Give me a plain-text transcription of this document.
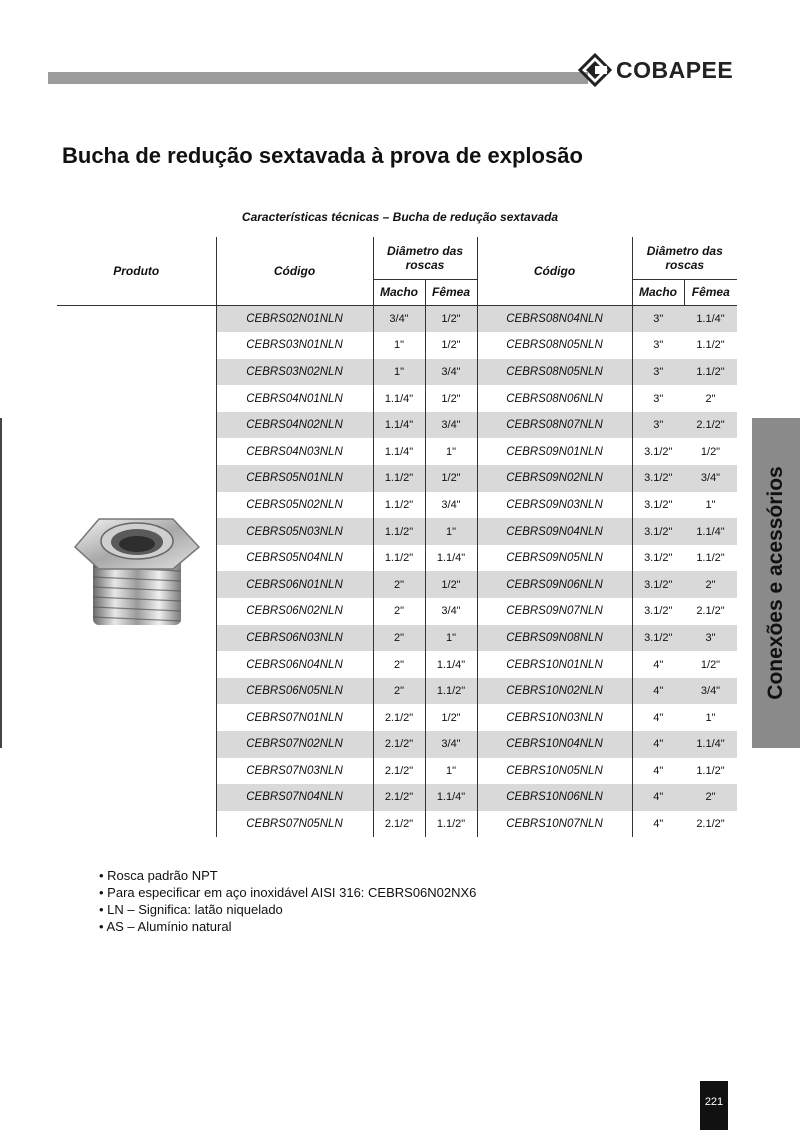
COBAPEE
Bucha de redução sextavada à prova de explosão
Características técnicas – Bucha de redução sextavada
Produto	Código	Diâmetro das roscas		Código	Diâmetro das roscas	
		Macho	Fêmea		Macho	Fêmea
	CEBRS02N01NLN	3/4"	1/2"	CEBRS08N04NLN	3"	1.1/4"
	CEBRS03N01NLN	1"	1/2"	CEBRS08N05NLN	3"	1.1/2"
	CEBRS03N02NLN	1"	3/4"	CEBRS08N05NLN	3"	1.1/2"
	CEBRS04N01NLN	1.1/4"	1/2"	CEBRS08N06NLN	3"	2"
	CEBRS04N02NLN	1.1/4"	3/4"	CEBRS08N07NLN	3"	2.1/2"
	CEBRS04N03NLN	1.1/4"	1"	CEBRS09N01NLN	3.1/2"	1/2"
	CEBRS05N01NLN	1.1/2"	1/2"	CEBRS09N02NLN	3.1/2"	3/4"
	CEBRS05N02NLN	1.1/2"	3/4"	CEBRS09N03NLN	3.1/2"	1"
	CEBRS05N03NLN	1.1/2"	1"	CEBRS09N04NLN	3.1/2"	1.1/4"
	CEBRS05N04NLN	1.1/2"	1.1/4"	CEBRS09N05NLN	3.1/2"	1.1/2"
	CEBRS06N01NLN	2"	1/2"	CEBRS09N06NLN	3.1/2"	2"
	CEBRS06N02NLN	2"	3/4"	CEBRS09N07NLN	3.1/2"	2.1/2"
	CEBRS06N03NLN	2"	1"	CEBRS09N08NLN	3.1/2"	3"
	CEBRS06N04NLN	2"	1.1/4"	CEBRS10N01NLN	4"	1/2"
	CEBRS06N05NLN	2"	1.1/2"	CEBRS10N02NLN	4"	3/4"
	CEBRS07N01NLN	2.1/2"	1/2"	CEBRS10N03NLN	4"	1"
	CEBRS07N02NLN	2.1/2"	3/4"	CEBRS10N04NLN	4"	1.1/4"
	CEBRS07N03NLN	2.1/2"	1"	CEBRS10N05NLN	4"	1.1/2"
	CEBRS07N04NLN	2.1/2"	1.1/4"	CEBRS10N06NLN	4"	2"
	CEBRS07N05NLN	2.1/2"	1.1/2"	CEBRS10N07NLN	4"	2.1/2"
• Rosca padrão NPT
• Para especificar em aço inoxidável AISI 316: CEBRS06N02NX6
• LN – Significa: latão niquelado
• AS – Alumínio natural
Conexões e acessórios
221
